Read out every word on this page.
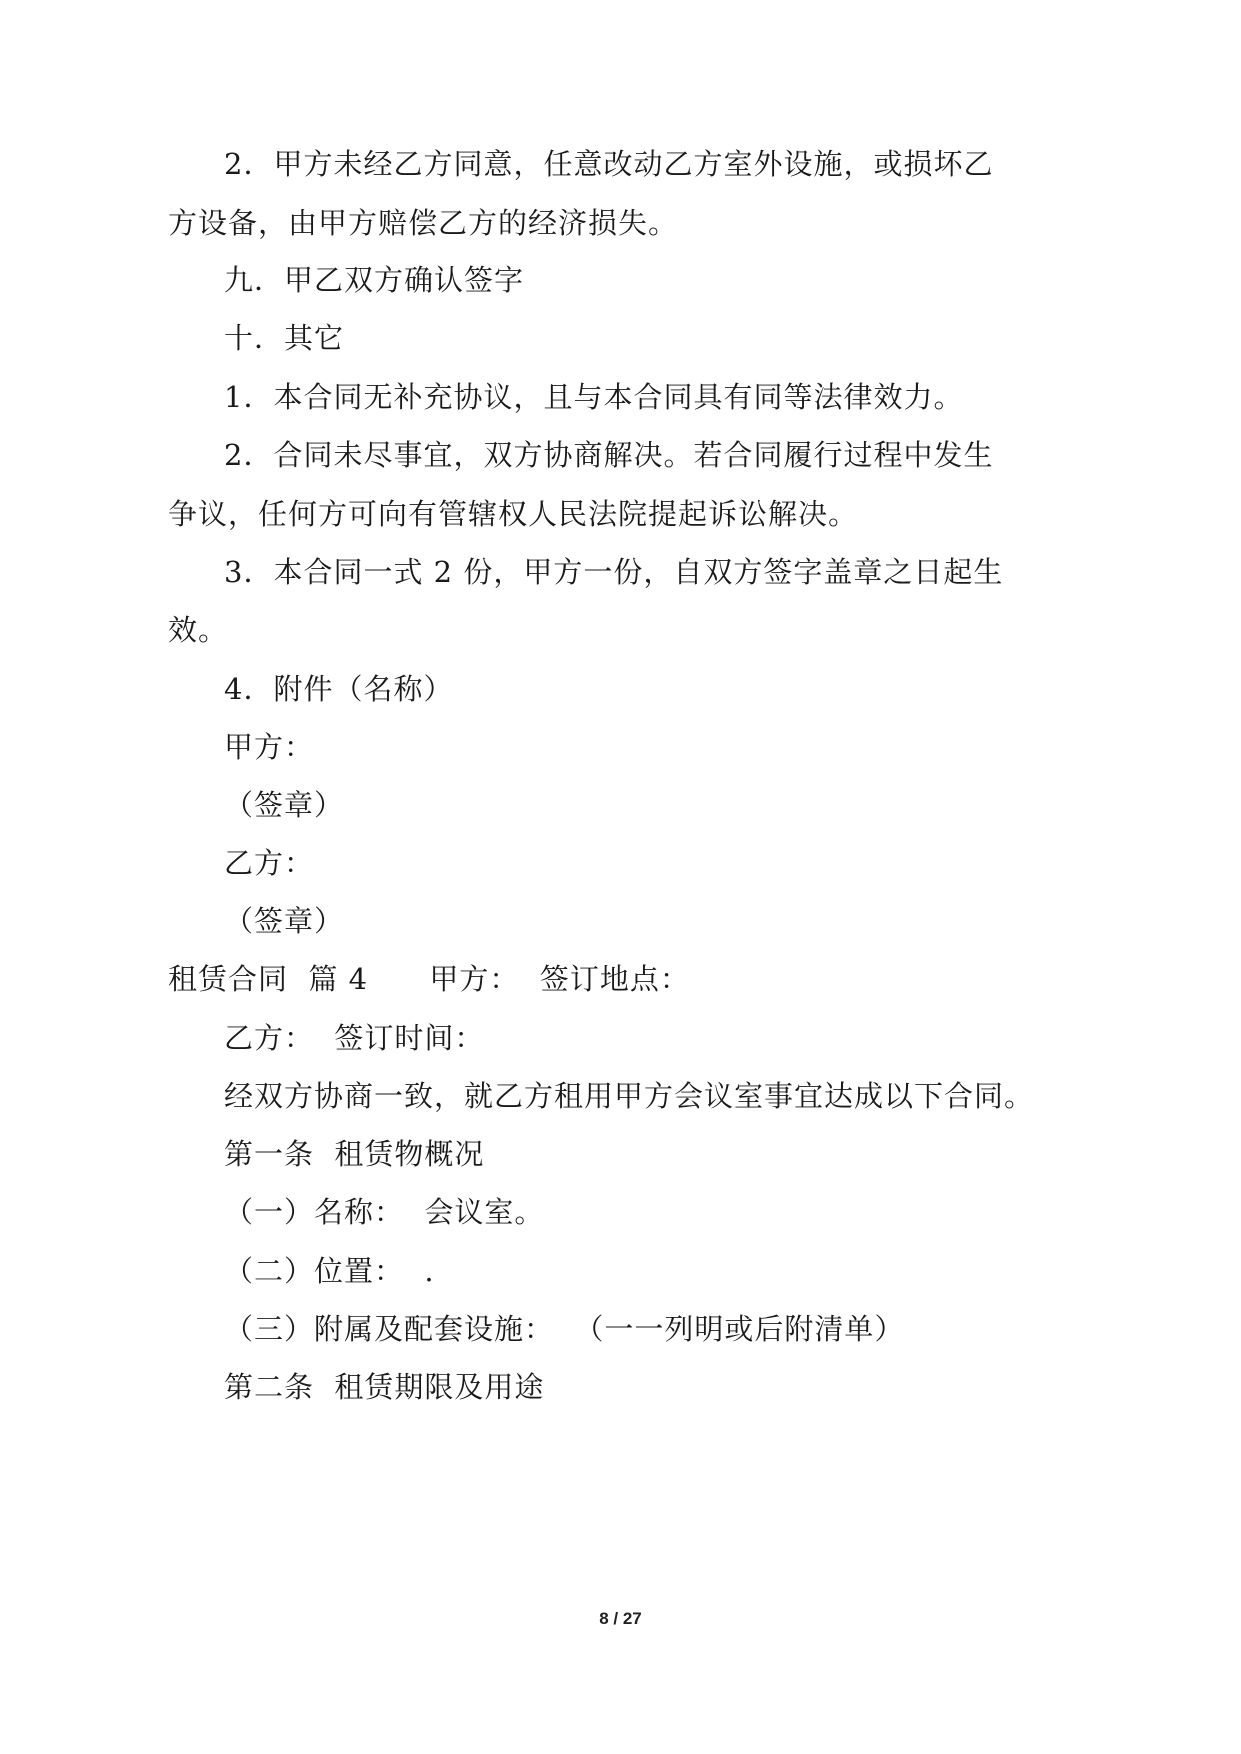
2．甲方未经乙方同意，任意改动乙方室外设施，或损坏乙
方设备，由甲方赔偿乙方的经济损失。
九．甲乙双方确认签字
十．其它
1．本合同无补充协议，且与本合同具有同等法律效力。
2．合同未尽事宜，双方协商解决。若合同履行过程中发生
争议，任何方可向有管辖权人民法院提起诉讼解决。
3．本合同一式 2 份，甲方一份，自双方签字盖章之日起生
效。
4．附件（名称）
甲方：
（签章）
乙方：
（签章）
租赁合同  篇 4      甲方：  签订地点：
乙方：  签订时间：
经双方协商一致，就乙方租用甲方会议室事宜达成以下合同。
第一条  租赁物概况
（一）名称：  会议室。
（二）位置：  .
（三）附属及配套设施：  （一一列明或后附清单）
第二条  租赁期限及用途
8 / 27
